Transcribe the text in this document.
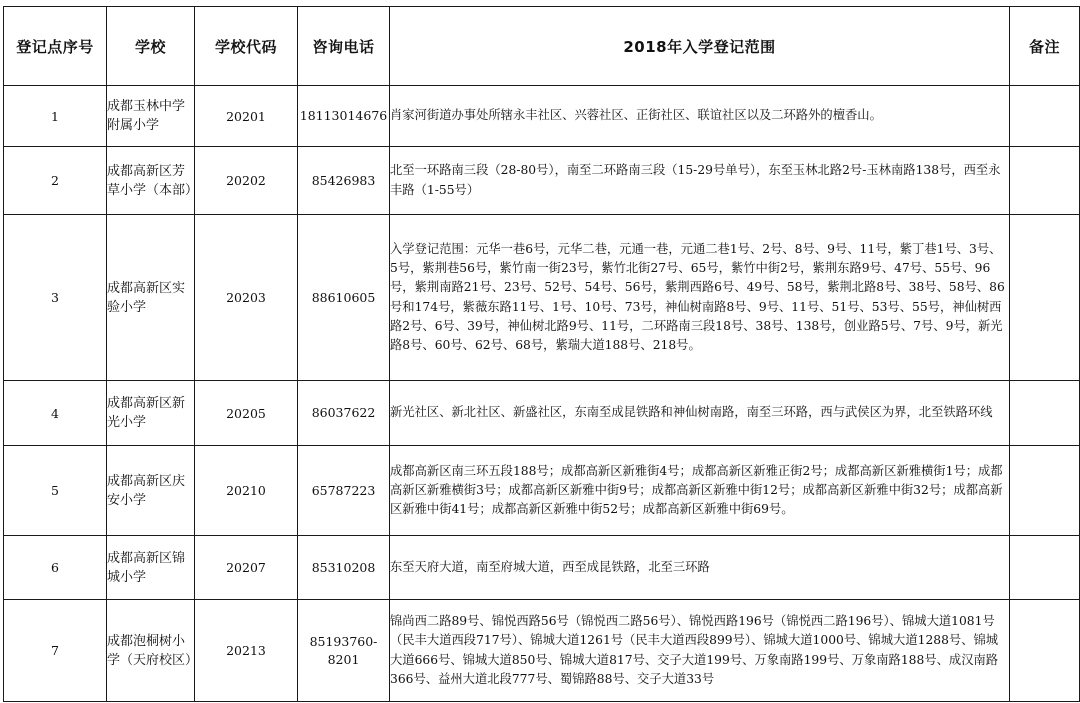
登记点序号	学校	学校代码	咨询电话	2018年入学登记范围	备注
1	成都玉林中学附属小学	20201	18113014676	肖家河街道办事处所辖永丰社区、兴蓉社区、正街社区、联谊社区以及二环路外的檀香山。	
2	成都高新区芳草小学（本部）	20202	85426983	北至一环路南三段（28-80号），南至二环路南三段（15-29号单号），东至玉林北路2号-玉林南路138号，西至永丰路（1-55号）	
3	成都高新区实验小学	20203	88610605	入学登记范围：元华一巷6号，元华二巷，元通一巷，元通二巷1号、2号、8号、9号、11号，紫丁巷1号、3号、5号，紫荆巷56号，紫竹南一街23号，紫竹北街27号、65号，紫竹中街2号，紫荆东路9号、47号、55号、96号，紫荆南路21号、23号、52号、54号、56号，紫荆西路6号、49号、58号，紫荆北路8号、38号、58号、86号和174号，紫薇东路11号、1号、10号、73号，神仙树南路8号、9号、11号、51号、53号、55号，神仙树西路2号、6号、39号，神仙树北路9号、11号，二环路南三段18号、38号、138号，创业路5号、7号、9号，新光路8号、60号、62号、68号，紫瑞大道188号、218号。	
4	成都高新区新光小学	20205	86037622	新光社区、新北社区、新盛社区，东南至成昆铁路和神仙树南路，南至三环路，西与武侯区为界，北至铁路环线	
5	成都高新区庆安小学	20210	65787223	成都高新区南三环五段188号；成都高新区新雅街4号；成都高新区新雅正街2号；成都高新区新雅横街1号；成都高新区新雅横街3号；成都高新区新雅中街9号；成都高新区新雅中街12号；成都高新区新雅中街32号；成都高新区新雅中街41号；成都高新区新雅中街52号；成都高新区新雅中街69号。	
6	成都高新区锦城小学	20207	85310208	东至天府大道，南至府城大道，西至成昆铁路，北至三环路	
7	成都泡桐树小学（天府校区）	20213	85193760-8201	锦尚西二路89号、锦悦西路56号（锦悦西二路56号）、锦悦西路196号（锦悦西二路196号）、锦城大道1081号（民丰大道西段717号）、锦城大道1261号（民丰大道西段899号）、锦城大道1000号、锦城大道1288号、锦城大道666号、锦城大道850号、锦城大道817号、交子大道199号、万象南路199号、万象南路188号、成汉南路366号、益州大道北段777号、蜀锦路88号、交子大道33号	
